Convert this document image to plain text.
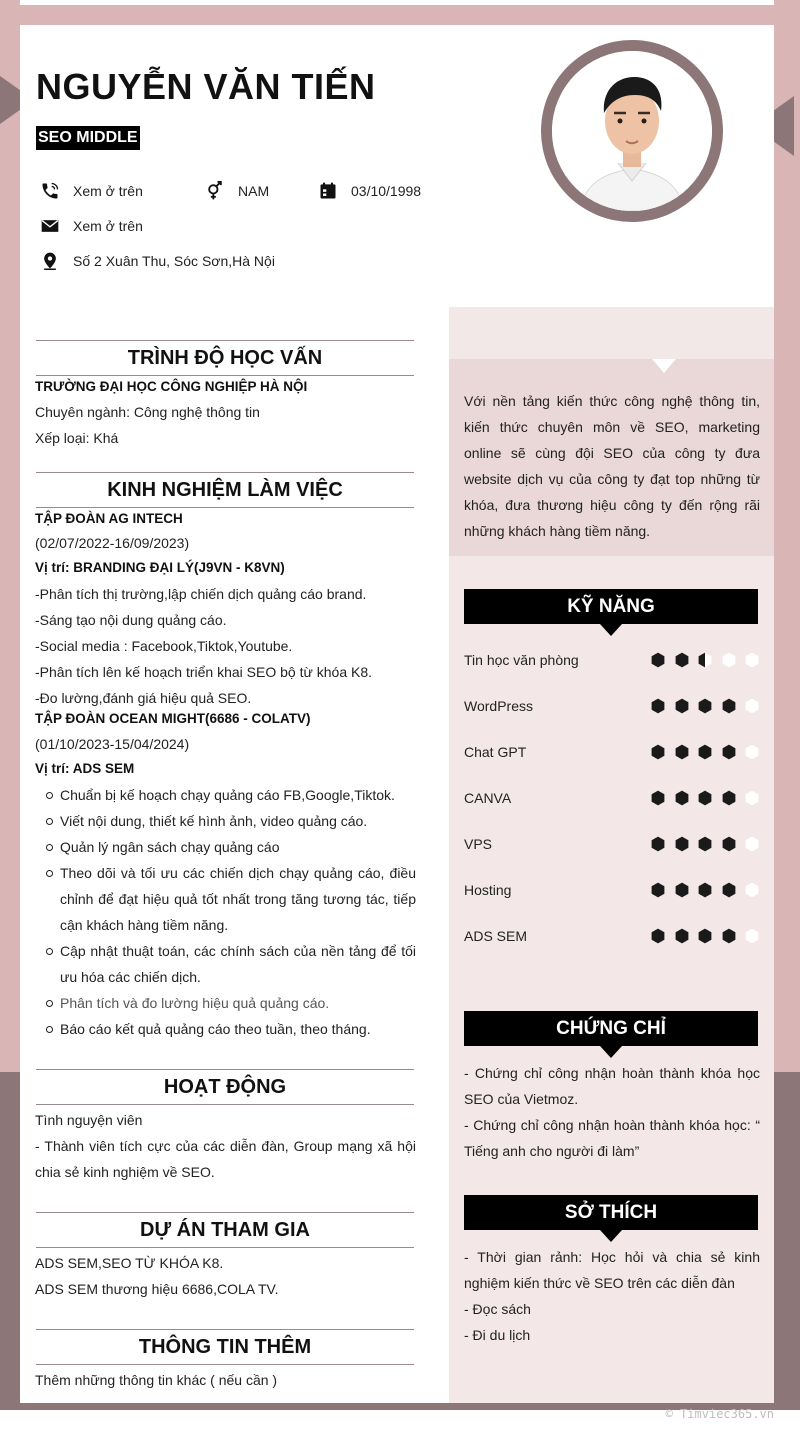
NGUYỄN VĂN TIẾN
SEO MIDDLE
Xem ở trên	NAM	03/10/1998
Xem ở trên
Số 2 Xuân Thu, Sóc Sơn,Hà Nội
TRÌNH ĐỘ HỌC VẤN
TRƯỜNG ĐẠI HỌC CÔNG NGHIỆP HÀ NỘI
Chuyên ngành: Công nghệ thông tin
Xếp loại: Khá
KINH NGHIỆM LÀM VIỆC
TẬP ĐOÀN AG INTECH
(02/07/2022-16/09/2023)
Vị trí: BRANDING ĐẠI LÝ(J9VN - K8VN)
-Phân tích thị trường,lập chiến dịch quảng cáo brand.
-Sáng tạo nội dung quảng cáo.
-Social media : Facebook,Tiktok,Youtube.
-Phân tích lên kế hoạch triển khai SEO bộ từ khóa K8.
-Đo lường,đánh giá hiệu quả SEO.
TẬP ĐOÀN OCEAN MIGHT(6686 - COLATV)
(01/10/2023-15/04/2024)
Vị trí: ADS SEM
Chuẩn bị kế hoạch chạy quảng cáo FB,Google,Tiktok.
Viết nội dung, thiết kế hình ảnh, video quảng cáo.
Quản lý ngân sách chạy quảng cáo
Theo dõi và tối ưu các chiến dịch chạy quảng cáo, điều chỉnh để đạt hiệu quả tốt nhất trong tăng tương tác, tiếp cận khách hàng tiềm năng.
Cập nhật thuật toán, các chính sách của nền tảng để tối ưu hóa các chiến dịch.
Phân tích và đo lường hiệu quả quảng cáo.
Báo cáo kết quả quảng cáo theo tuần, theo tháng.
HOẠT ĐỘNG
Tình nguyện viên
- Thành viên tích cực của các diễn đàn, Group mạng xã hội chia sẻ kinh nghiệm về SEO.
DỰ ÁN THAM GIA
ADS SEM,SEO TỪ KHÓA K8.
ADS SEM thương hiệu 6686,COLA TV.
THÔNG TIN THÊM
Thêm những thông tin khác ( nếu cần )
Với nền tảng kiến thức công nghệ thông tin, kiến thức chuyên môn về SEO, marketing online sẽ cùng đội SEO của công ty đưa website dịch vụ của công ty đạt top những từ khóa, đưa thương hiệu công ty đến rộng rãi những khách hàng tiềm năng.
KỸ NĂNG
Tin học văn phòng
WordPress
Chat GPT
CANVA
VPS
Hosting
ADS SEM
CHỨNG CHỈ
- Chứng chỉ công nhận hoàn thành khóa học SEO của Vietmoz.
- Chứng chỉ công nhận hoàn thành khóa học: “ Tiếng anh cho người đi làm”
SỞ THÍCH
- Thời gian rảnh: Học hỏi và chia sẻ kinh nghiệm kiến thức về SEO trên các diễn đàn
- Đọc sách
- Đi du lịch
© Timviec365.vn
